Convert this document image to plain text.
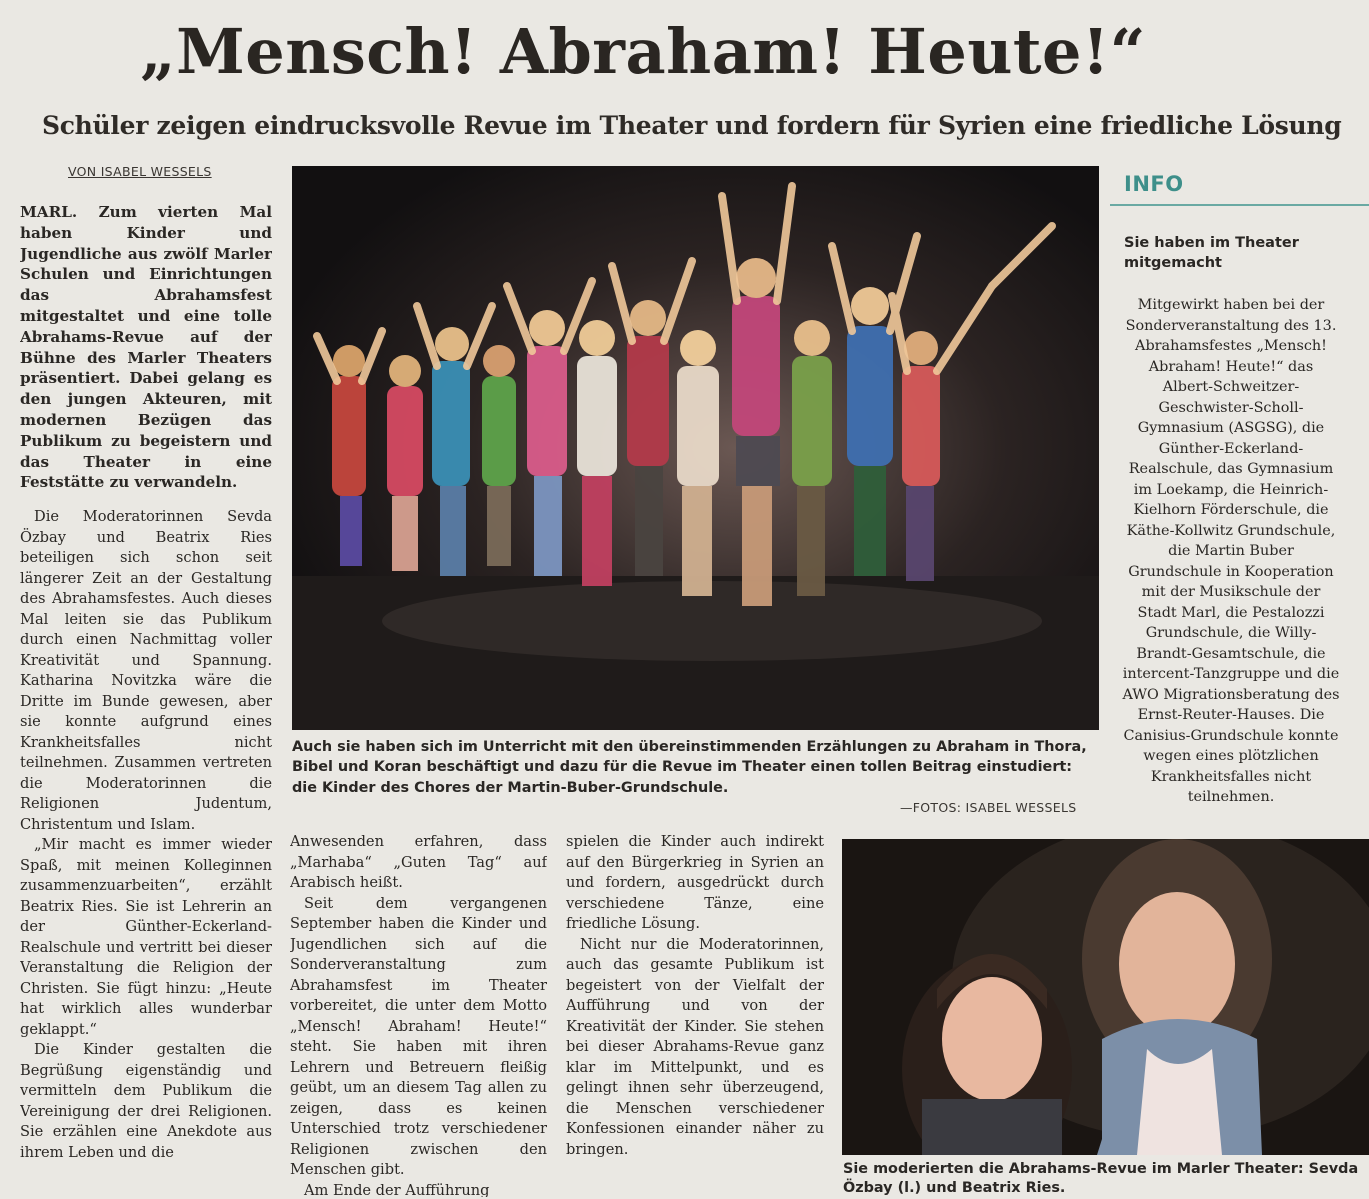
„Mensch! Abraham! Heute!“
Schüler zeigen eindrucksvolle Revue im Theater und fordern für Syrien eine friedliche Lösung
VON ISABEL WESSELS

MARL. Zum vierten Mal haben Kinder und Jugendliche aus zwölf Marler Schulen und Einrichtungen das Abrahamsfest mitgestaltet und eine tolle Abrahams-Revue auf der Bühne des Marler Theaters präsentiert. Dabei gelang es den jungen Akteuren, mit modernen Bezügen das Publikum zu begeistern und das Theater in eine Feststätte zu verwandeln.

Die Moderatorinnen Sevda Özbay und Beatrix Ries beteiligen sich schon seit längerer Zeit an der Gestaltung des Abrahamsfestes. Auch dieses Mal leiten sie das Publikum durch einen Nachmittag voller Kreativität und Spannung. Katharina Novitzka wäre die Dritte im Bunde gewesen, aber sie konnte aufgrund eines Krankheitsfalles nicht teilnehmen. Zusammen vertreten die Moderatorinnen die Religionen Judentum, Christentum und Islam.

„Mir macht es immer wieder Spaß, mit meinen Kolleginnen zusammenzuarbeiten“, erzählt Beatrix Ries. Sie ist Lehrerin an der Günther-Eckerland-Realschule und vertritt bei dieser Veranstaltung die Religion der Christen. Sie fügt hinzu: „Heute hat wirklich alles wunderbar geklappt.“

Die Kinder gestalten die Begrüßung eigenständig und vermitteln dem Publikum die Vereinigung der drei Religionen. Sie erzählen eine Anekdote aus ihrem Leben und die

Auch sie haben sich im Unterricht mit den übereinstimmenden Erzählungen zu Abraham in Thora, Bibel und Koran beschäftigt und dazu für die Revue im Theater einen tollen Beitrag einstudiert: die Kinder des Chores der Martin-Buber-Grundschule.
—FOTOS: ISABEL WESSELS

Anwesenden erfahren, dass „Marhaba“ „Guten Tag“ auf Arabisch heißt.

Seit dem vergangenen September haben die Kinder und Jugendlichen sich auf die Sonderveranstaltung zum Abrahamsfest im Theater vorbereitet, die unter dem Motto „Mensch! Abraham! Heute!“ steht. Sie haben mit ihren Lehrern und Betreuern fleißig geübt, um an diesem Tag allen zu zeigen, dass es keinen Unterschied trotz verschiedener Religionen zwischen den Menschen gibt.

Am Ende der Aufführung

spielen die Kinder auch indirekt auf den Bürgerkrieg in Syrien an und fordern, ausgedrückt durch verschiedene Tänze, eine friedliche Lösung.

Nicht nur die Moderatorinnen, auch das gesamte Publikum ist begeistert von der Vielfalt der Aufführung und von der Kreativität der Kinder. Sie stehen bei dieser Abrahams-Revue ganz klar im Mittelpunkt, und es gelingt ihnen sehr überzeugend, die Menschen verschiedener Konfessionen einander näher zu bringen.

INFO
Sie haben im Theater mitgemacht
Mitgewirkt haben bei der Sonderveranstaltung des 13. Abrahamsfestes „Mensch! Abraham! Heute!“ das Albert-Schweitzer-Geschwister-Scholl-Gymnasium (ASGSG), die Günther-Eckerland-Realschule, das Gymnasium im Loekamp, die Heinrich-Kielhorn Förderschule, die Käthe-Kollwitz Grundschule, die Martin Buber Grundschule in Kooperation mit der Musikschule der Stadt Marl, die Pestalozzi Grundschule, die Willy-Brandt-Gesamtschule, die intercent-Tanzgruppe und die AWO Migrationsberatung des Ernst-Reuter-Hauses. Die Canisius-Grundschule konnte wegen eines plötzlichen Krankheitsfalles nicht teilnehmen.
Sie moderierten die Abrahams-Revue im Marler Theater: Sevda Özbay (l.) und Beatrix Ries.
